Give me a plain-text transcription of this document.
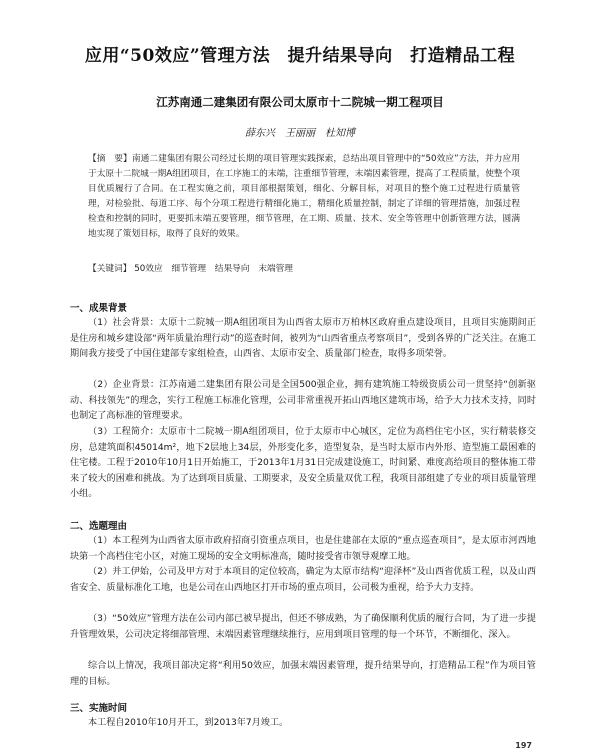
应用“50效应”管理方法　提升结果导向　打造精品工程
江苏南通二建集团有限公司太原市十二院城一期工程项目
薛东兴　王丽丽　杜知博
【摘　要】南通二建集团有限公司经过长期的项目管理实践探索，总结出项目管理中的“50效应”方法，并力应用于太原十二院城一期A组团项目，在工序施工的末端，注重细节管理，末端因素管理，提高了工程质量，使整个项目优质履行了合同。在工程实施之前，项目部根据策划，细化、分解目标，对项目的整个施工过程进行质量管理，对检验批、每道工序、每个分项工程进行精细化施工，精细化质量控制，制定了详细的管理措施，加强过程检查和控制的同时，更要抓末端五要管理，细节管理，在工期、质量、技术、安全等管理中创新管理方法，圆满地实现了策划目标，取得了良好的效果。
【关键词】 50效应　细节管理　结果导向　末端管理
一、成果背景
（1）社会背景：太原十二院城一期A组团项目为山西省太原市万柏林区政府重点建设项目，且项目实施期间正是住房和城乡建设部“两年质量治理行动”的巡查时间，被列为“山西省重点考察项目”，受到各界的广泛关注。在施工期间我方接受了中国住建部专家组检查，山西省、太原市安全、质量部门检查，取得多项荣誉。
（2）企业背景：江苏南通二建集团有限公司是全国500强企业，拥有建筑施工特级资质公司一贯坚持“创新驱动、科技领先”的理念，实行工程施工标准化管理，公司非常重视开拓山西地区建筑市场，给予大力技术支持，同时也制定了高标准的管理要求。
（3）工程简介：太原市十二院城一期A组团项目，位于太原市中心城区，定位为高档住宅小区，实行精装修交房，总建筑面积45014m²，地下2层地上34层，外形变化多，造型复杂，是当时太原市内外形、造型施工最困难的住宅楼。工程于2010年10月1日开始施工，于2013年1月31日完成建设施工，时间紧、难度高给项目的整体施工带来了较大的困难和挑战。为了达到项目质量、工期要求，及安全质量双优工程，我项目部组建了专业的项目质量管理小组。
二、选题理由
（1）本工程列为山西省太原市政府招商引资重点项目，也是住建部在太原的“重点巡查项目”，是太原市河西地块第一个高档住宅小区，对施工现场的安全文明标准高，随时接受省市领导观摩工地。
（2）并工伊始，公司及甲方对于本项目的定位较高，确定为太原市结构“迎泽杯”及山西省优质工程，以及山西省安全、质量标准化工地，也是公司在山西地区打开市场的重点项目，公司极为重视，给予大力支持。
（3）“50效应”管理方法在公司内部已被早提出，但还不够成熟，为了确保顺利优质的履行合同，为了进一步提升管理效果，公司决定将细部管理、末端因素管理继续推行，应用到项目管理的每一个环节，不断细化、深入。
综合以上情况，我项目部决定将“利用50效应，加强末端因素管理，提升结果导向，打造精品工程”作为项目管理的目标。
三、实施时间
本工程自2010年10月开工，到2013年7月竣工。
197
